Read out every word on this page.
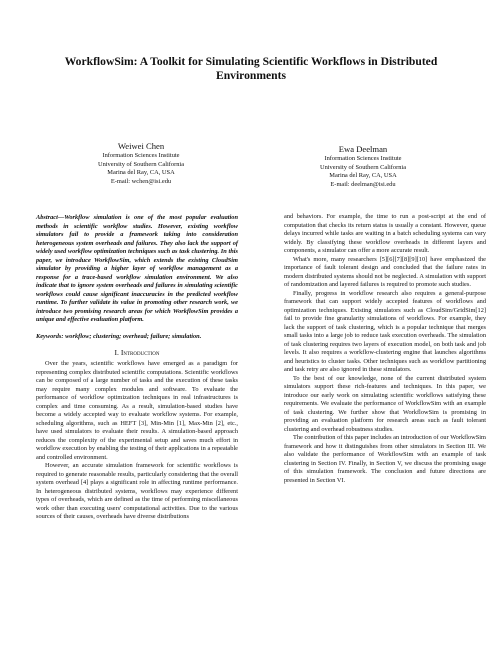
WorkflowSim: A Toolkit for Simulating Scientific Workflows in Distributed Environments
Weiwei Chen
Information Sciences Institute
University of Southern California
Marina del Ray, CA, USA
E-mail: wchen@isi.edu
Ewa Deelman
Information Sciences Institute
University of Southern California
Marina del Ray, CA, USA
E-mail: deelman@isi.edu

Abstract—Workflow simulation is one of the most popular evaluation methods in scientific workflow studies. However, existing workflow simulators fail to provide a framework taking into consideration heterogeneous system overheads and failures. They also lack the support of widely used workflow optimization techniques such as task clustering. In this paper, we introduce WorkflowSim, which extends the existing CloudSim simulator by providing a higher layer of workflow management as a response for a trace-based workflow simulation environment. We also indicate that to ignore system overheads and failures in simulating scientific workflows could cause significant inaccuracies in the predicted workflow runtime. To further validate its value in promoting other research work, we introduce two promising research areas for which WorkflowSim provides a unique and effective evaluation platform.

Keywords: workflow; clustering; overhead; failure; simulation.

I. Introduction

Over the years, scientific workflows have emerged as a paradigm for representing complex distributed scientific computations. Scientific workflows can be composed of a large number of tasks and the execution of these tasks may require many complex modules and software. To evaluate the performance of workflow optimization techniques in real infrastructures is complex and time consuming. As a result, simulation-based studies have become a widely accepted way to evaluate workflow systems. For example, scheduling algorithms, such as HEFT [3], Min-Min [1], Max-Min [2], etc., have used simulators to evaluate their results. A simulation-based approach reduces the complexity of the experimental setup and saves much effort in workflow execution by enabling the testing of their applications in a repeatable and controlled environment.

However, an accurate simulation framework for scientific workflows is required to generate reasonable results, particularly considering that the overall system overhead [4] plays a significant role in affecting runtime performance. In heterogeneous distributed systems, workflows may experience different types of overheads, which are defined as the time of performing miscellaneous work other than executing users' computational activities. Due to the various sources of their causes, overheads have diverse distributions

and behaviors. For example, the time to run a post-script at the end of computation that checks its return status is usually a constant. However, queue delays incurred while tasks are waiting in a batch scheduling systems can vary widely. By classifying these workflow overheads in different layers and components, a simulator can offer a more accurate result.

What's more, many researchers [5][6][7][8][9][10] have emphasized the importance of fault tolerant design and concluded that the failure rates in modern distributed systems should not be neglected. A simulation with support of randomization and layered failures is required to promote such studies.

Finally, progress in workflow research also requires a general-purpose framework that can support widely accepted features of workflows and optimization techniques. Existing simulators such as CloudSim/GridSim[12] fail to provide fine granularity simulations of workflows. For example, they lack the support of task clustering, which is a popular technique that merges small tasks into a large job to reduce task execution overheads. The simulation of task clustering requires two layers of execution model, on both task and job levels. It also requires a workflow-clustering engine that launches algorithms and heuristics to cluster tasks. Other techniques such as workflow partitioning and task retry are also ignored in these simulators.

To the best of our knowledge, none of the current distributed system simulators support these rich-features and techniques. In this paper, we introduce our early work on simulating scientific workflows satisfying these requirements. We evaluate the performance of WorkflowSim with an example of task clustering. We further show that WorkflowSim is promising in providing an evaluation platform for research areas such as fault tolerant clustering and overhead robustness studies.

The contribution of this paper includes an introduction of our WorkflowSim framework and how it distinguishes from other simulators in Section III. We also validate the performance of WorkflowSim with an example of task clustering in Section IV. Finally, in Section V, we discuss the promising usage of this simulation framework. The conclusion and future directions are presented in Section VI.
